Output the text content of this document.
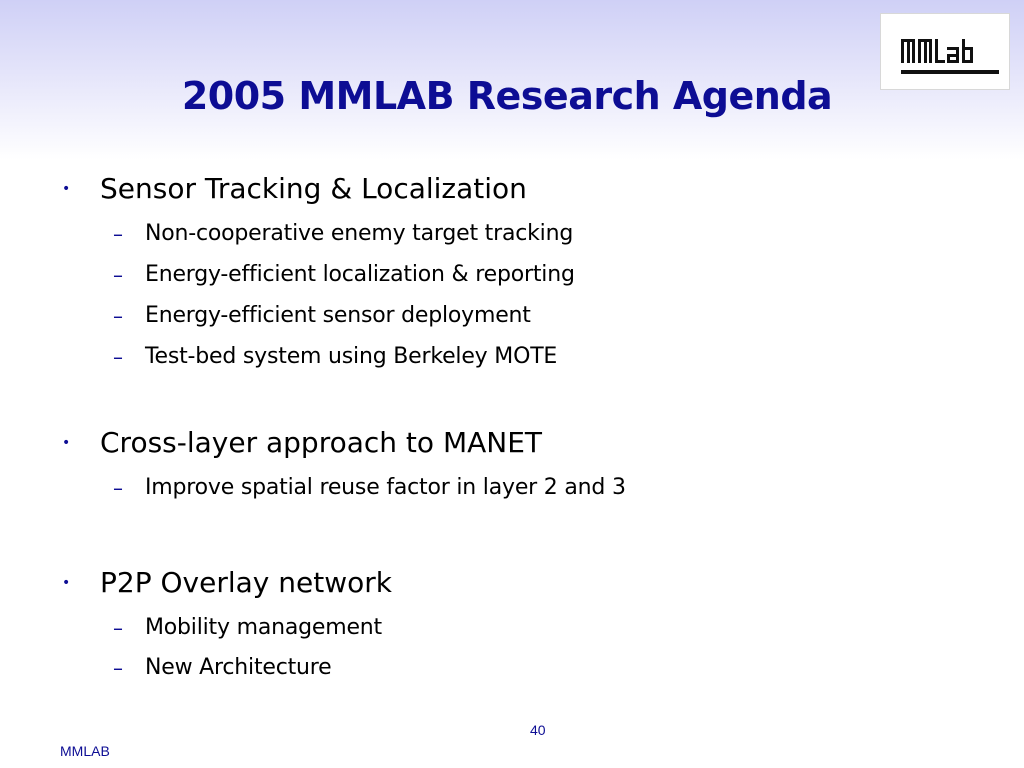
2005 MMLAB Research Agenda
• Sensor Tracking & Localization
– Non-cooperative enemy target tracking
– Energy-efficient localization & reporting
– Energy-efficient sensor deployment
– Test-bed system using Berkeley MOTE
• Cross-layer approach to MANET
– Improve spatial reuse factor in layer 2 and 3
• P2P Overlay network
– Mobility management
– New Architecture
40
MMLAB
